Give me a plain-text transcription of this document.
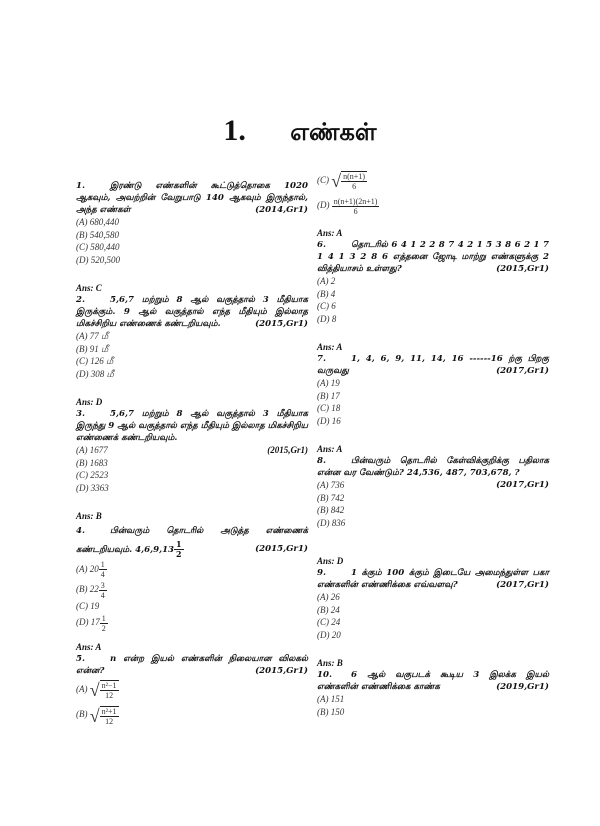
1. எண்கள்
1.	இரண்டு எண்களின் கூட்டுத்தொகை 1020 ஆகவும், அவற்றின் வேறுபாடு 140 ஆகவும் இருந்தால், அந்த எண்கள்	(2014,Gr1)
(A) 680,440
(B) 540,580
(C) 580,440
(D) 520,500
Ans: C
2.	5,6,7 மற்றும் 8 ஆல் வகுத்தால் 3 மீதியாக இருக்கும். 9 ஆல் வகுத்தால் எந்த மீதியும் இல்லாத மிகச்சிறிய எண்ணைக் கண்டறியவும்.	(2015,Gr1)
(A) 77 மீ
(B) 91 மீ
(C) 126 மீ
(D) 308 மீ
Ans: D
3.	5,6,7 மற்றும் 8 ஆல் வகுத்தால் 3 மீதியாக இருந்து 9 ஆல் வகுத்தால் எந்த மீதியும் இல்லாத மிகச்சிறிய எண்ணைக் கண்டறியவும்.
(A) 1677	(2015,Gr1)
(B) 1683
(C) 2523
(D) 3363
Ans: B
4.	பின்வரும் தொடரில் அடுத்த எண்ணைக் கண்டறியவும். $4,6,9,13 \frac{1}{2}$	(2015,Gr1)
(A) $20 \frac{1}{4}$
(B) $22 \frac{3}{4}$
(C) 19
(D) $17 \frac{1}{2}$
Ans: A
5.	n என்ற இயல் எண்களின் நிலையான விலகல் என்ன?	(2015,Gr1)
(A) √ $\frac{\text{n²−1}}{12}$
(B) √ $\frac{\text{n²+1}}{12}$
(C) √ $\frac{n(n+1)}{6}$
$(D) \frac{n(n+1)(2n+1)}{6}$
Ans: A
6.	தொடரில் 6 4 1 2 2 8 7 4 2 1 5 3 8 6 2 1 7 1 4 1 3 2 8 6 எத்தனை ஜோடி மாற்று எண்களுக்கு 2 வித்தியாசம் உள்ளது?	(2015,Gr1)
(A) 2
(B) 4
(C) 6
(D) 8
Ans: A
7.	1, 4, 6, 9, 11, 14, 16 ------16 ற்கு பிறகு வருவது	(2017,Gr1)
(A) 19
(B) 17
(C) 18
(D) 16
Ans: A
8.	பின்வரும் தொடரில் கேள்விக்குறிக்கு பதிலாக என்ன வர வேண்டும்? 24,536, 487, 703,678, ?
(2017,Gr1)
(A) 736
(B) 742
(B) 842
(D) 836
Ans: D
9.	1 க்கும் 100 க்கும் இடையே அமைந்துள்ள பகா எண்களின் எண்ணிக்கை எவ்வளவு?	(2017,Gr1)
(A) 26
(B) 24
(C) 24
(D) 20
Ans: B
10. 6 ஆல் வகுபடக் கூடிய 3 இலக்க இயல் எண்களின் எண்ணிக்கை காண்க	(2019,Gr1)
(A) 151
(B) 150
